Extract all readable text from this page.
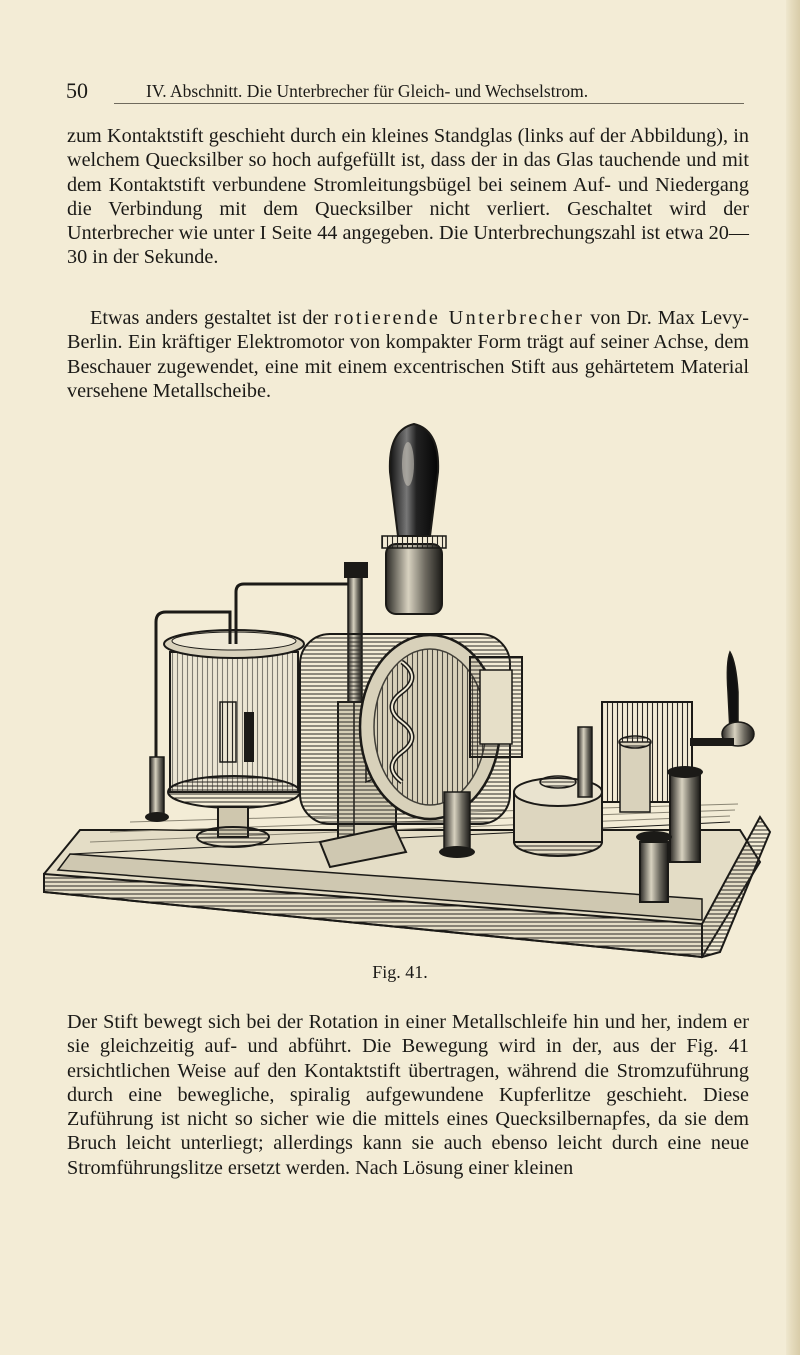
50	IV. Abschnitt. Die Unterbrecher für Gleich- und Wechselstrom.

zum Kontaktstift geschieht durch ein kleines Standglas (links auf der Abbildung), in welchem Quecksilber so hoch aufgefüllt ist, dass der in das Glas tauchende und mit dem Kontaktstift verbundene Stromleitungsbügel bei seinem Auf- und Niedergang die Verbindung mit dem Quecksilber nicht verliert. Geschaltet wird der Unterbrecher wie unter I Seite 44 angegeben. Die Unterbrechungszahl ist etwa 20—30 in der Sekunde.

Etwas anders gestaltet ist der rotierende Unterbrecher von Dr. Max Levy-Berlin. Ein kräftiger Elektromotor von kompakter Form trägt auf seiner Achse, dem Beschauer zugewendet, eine mit einem excentrischen Stift aus gehärtetem Material versehene Metallscheibe.

Fig. 41.

Der Stift bewegt sich bei der Rotation in einer Metallschleife hin und her, indem er sie gleichzeitig auf- und abführt. Die Bewegung wird in der, aus der Fig. 41 ersichtlichen Weise auf den Kontaktstift übertragen, während die Stromzuführung durch eine bewegliche, spiralig aufgewundene Kupferlitze geschieht. Diese Zuführung ist nicht so sicher wie die mittels eines Quecksilbernapfes, da sie dem Bruch leicht unterliegt; allerdings kann sie auch ebenso leicht durch eine neue Stromführungslitze ersetzt werden. Nach Lösung einer kleinen
